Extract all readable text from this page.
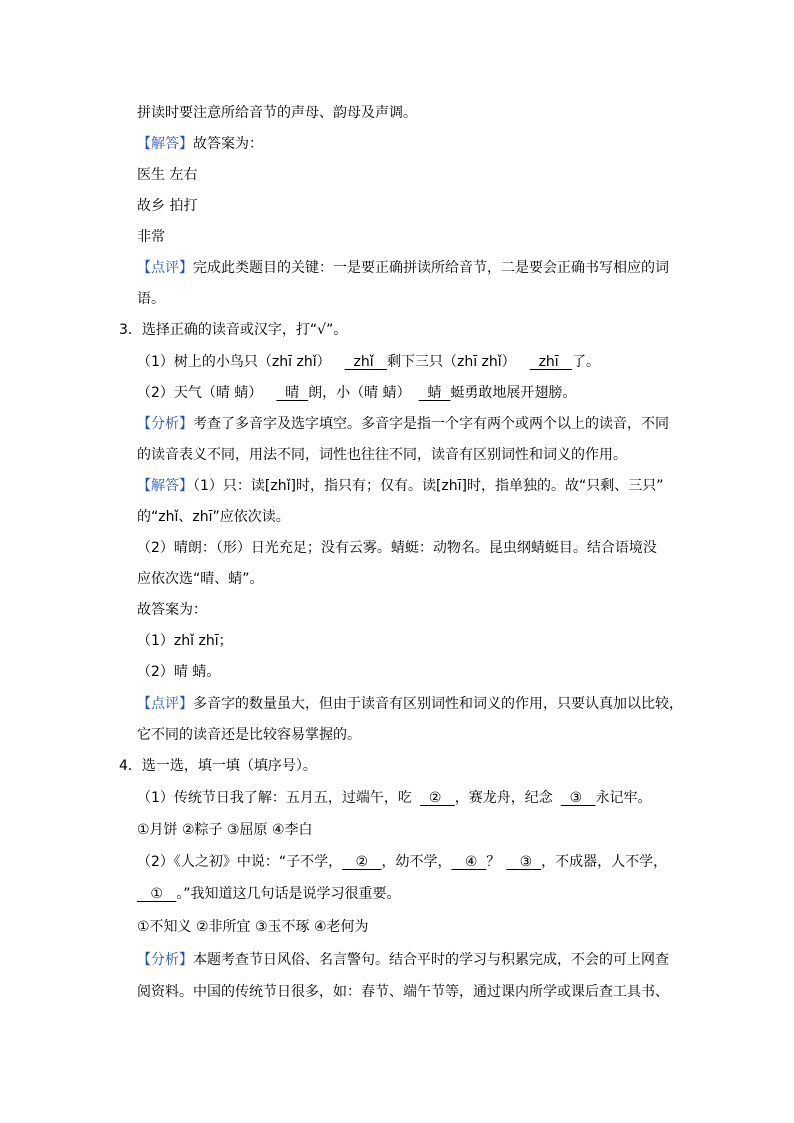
拼读时要注意所给音节的声母、韵母及声调。
【解答】故答案为：
医生 左右
故乡 拍打
非常
【点评】完成此类题目的关键：一是要正确拼读所给音节，二是要会正确书写相应的词
语。
3．选择正确的读音或汉字，打“√”。
（1）树上的小鸟只（zhī zhǐ） zhǐ 剩下三只（zhī zhǐ） zhī 了。
（2）天气（晴 蜻） 晴 朗，小（晴 蜻） 蜻 蜓勇敢地展开翅膀。
【分析】考查了多音字及选字填空。多音字是指一个字有两个或两个以上的读音，不同
的读音表义不同，用法不同，词性也往往不同，读音有区别词性和词义的作用。
【解答】（1）只：读[zhǐ]时，指只有；仅有。读[zhī]时，指单独的。故“只剩、三只”
的“zhǐ、zhī”应依次读。
（2）晴朗：（形）日光充足；没有云雾。蜻蜓：动物名。昆虫纲蜻蜓目。结合语境没
应依次选“晴、蜻”。
故答案为：
（1）zhǐ zhī；
（2）晴 蜻。
【点评】多音字的数量虽大，但由于读音有区别词性和词义的作用，只要认真加以比较，
它不同的读音还是比较容易掌握的。
4．选一选，填一填（填序号）。
（1）传统节日我了解：五月五，过端午，吃 ② ，赛龙舟，纪念 ③ 永记牢。
①月饼 ②粽子 ③屈原 ④李白
（2）《人之初》中说：“子不学， ② ，幼不学， ④ ？ ③ ，不成器，人不学，
① 。”我知道这几句话是说学习很重要。
①不知义 ②非所宜 ③玉不琢 ④老何为
【分析】本题考查节日风俗、名言警句。结合平时的学习与积累完成，不会的可上网查
阅资料。中国的传统节日很多，如：春节、端午节等，通过课内所学或课后查工具书、
